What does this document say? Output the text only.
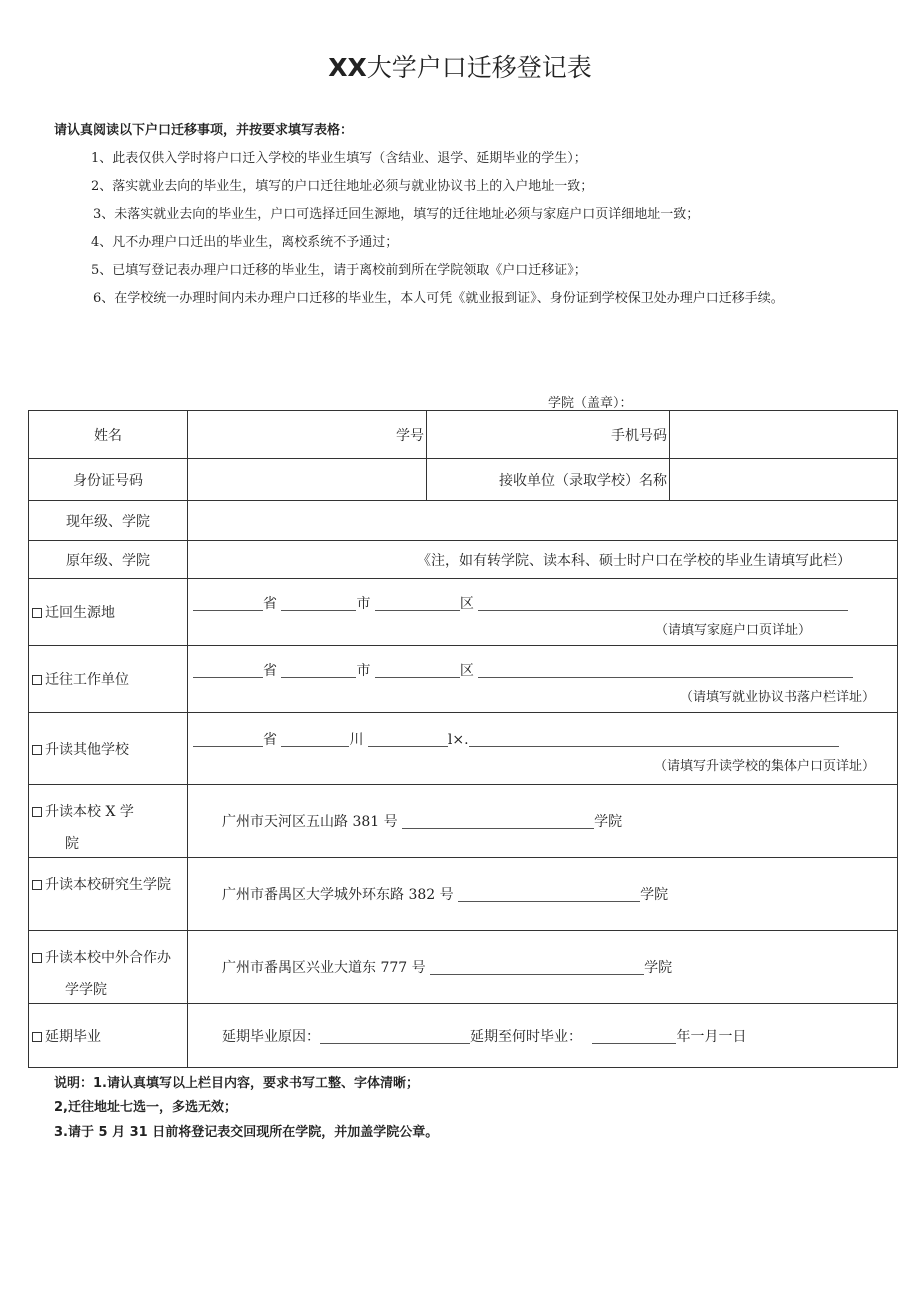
XX大学户口迁移登记表
请认真阅读以下户口迁移事项，并按要求填写表格：
1、此表仅供入学时将户口迁入学校的毕业生填写（含结业、退学、延期毕业的学生）；
2、落实就业去向的毕业生，填写的户口迁往地址必须与就业协议书上的入户地址一致；
3、未落实就业去向的毕业生，户口可选择迁回生源地，填写的迁往地址必须与家庭户口页详细地址一致；
4、凡不办理户口迁出的毕业生，离校系统不予通过；
5、已填写登记表办理户口迁移的毕业生，请于离校前到所在学院领取《户口迁移证》；
6、在学校统一办理时间内未办理户口迁移的毕业生，本人可凭《就业报到证》、身份证到学校保卫处办理户口迁移手续。
学院（盖章）：
姓名	学号	手机号码	
身份证号码		接收单位（录取学校）名称	
现年级、学院			
原年级、学院	《注，如有转学院、读本科、硕士时户口在学校的毕业生请填写此栏）		
迁回生源地	省 市 区
（请填写家庭户口页详址）		

迁往工作单位	省 市 区
（请填写就业协议书落户栏详址）		

升读其他学校	省 川 l×.
（请填写升读学校的集体户口页详址）		

升读本校 X 学
院	广州市天河区五山路 381 号 学院		
升读本校研究生学院	广州市番禺区大学城外环东路 382 号 学院		

升读本校中外合作办
学学院	广州市番禺区兴业大道东 777 号 学院		
延期毕业	延期毕业原因： 延期至何时毕业： 年一月一日		
说明：1.请认真填写以上栏目内容，要求书写工整、字体清晰；
2,迁往地址七选一，多选无效；
3.请于 5 月 31 日前将登记表交回现所在学院，并加盖学院公章。
